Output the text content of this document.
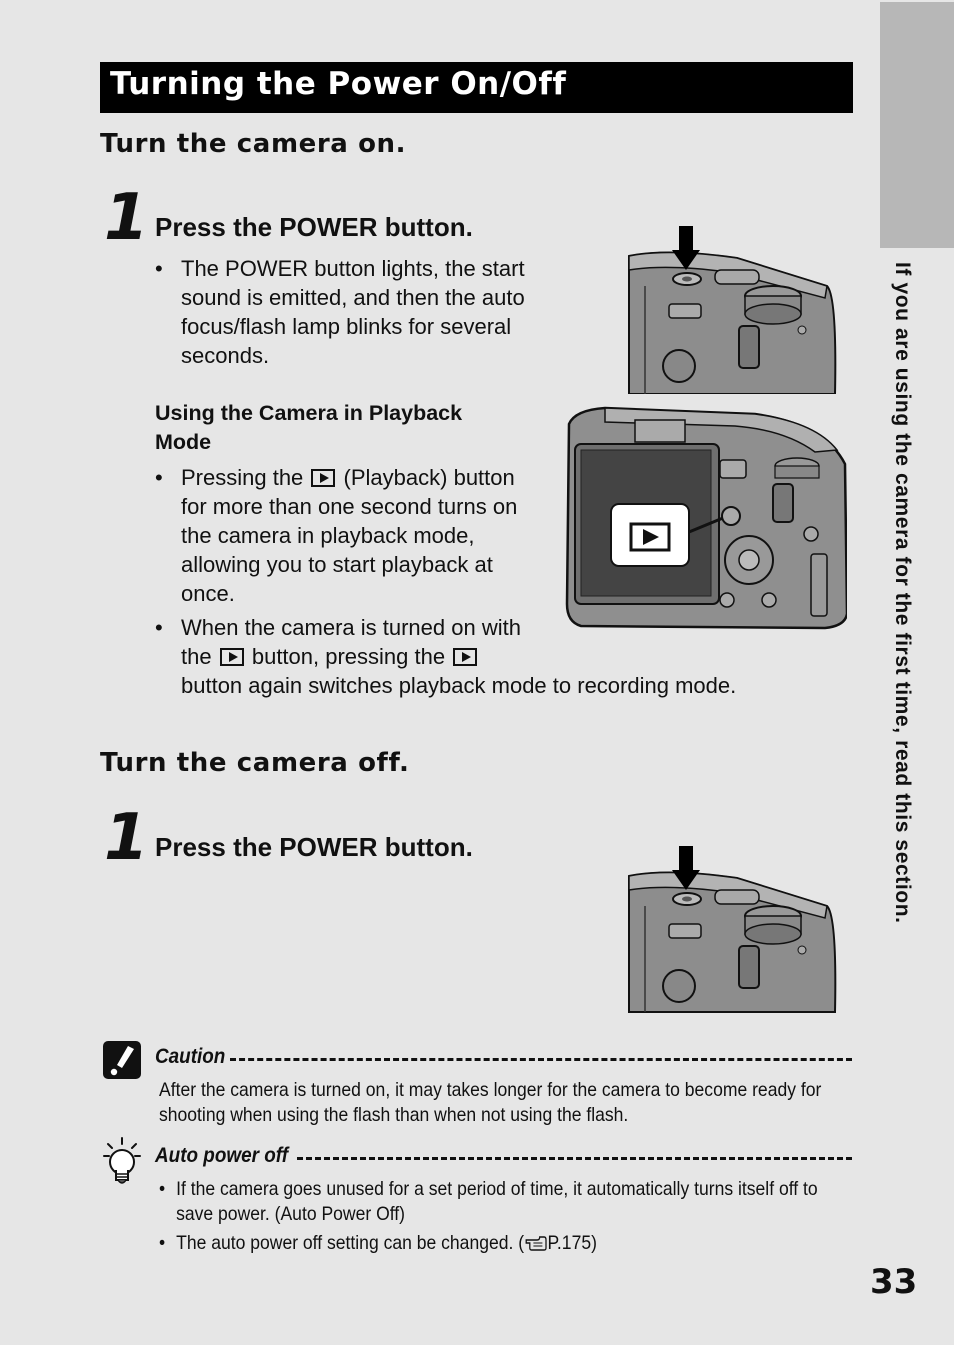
If you are using the camera for the first time, read this section.
Turning the Power On/Off
Turn the camera on.
1 Press the POWER button.
• The POWER button lights, the start
sound is emitted, and then the auto
focus/flash lamp blinks for several
seconds.
Using the Camera in Playback
Mode
• Pressing the (Playback) button
for more than one second turns on
the camera in playback mode,
allowing you to start playback at
once.
• When the camera is turned on with
the button, pressing the
button again switches playback mode to recording mode.
Turn the camera off.
1 Press the POWER button.
Caution
After the camera is turned on, it may takes longer for the camera to become ready for
shooting when using the flash than when not using the flash.
Auto power off
• If the camera goes unused for a set period of time, it automatically turns itself off to
save power. (Auto Power Off)
• The auto power off setting can be changed. ( P.175)
33
